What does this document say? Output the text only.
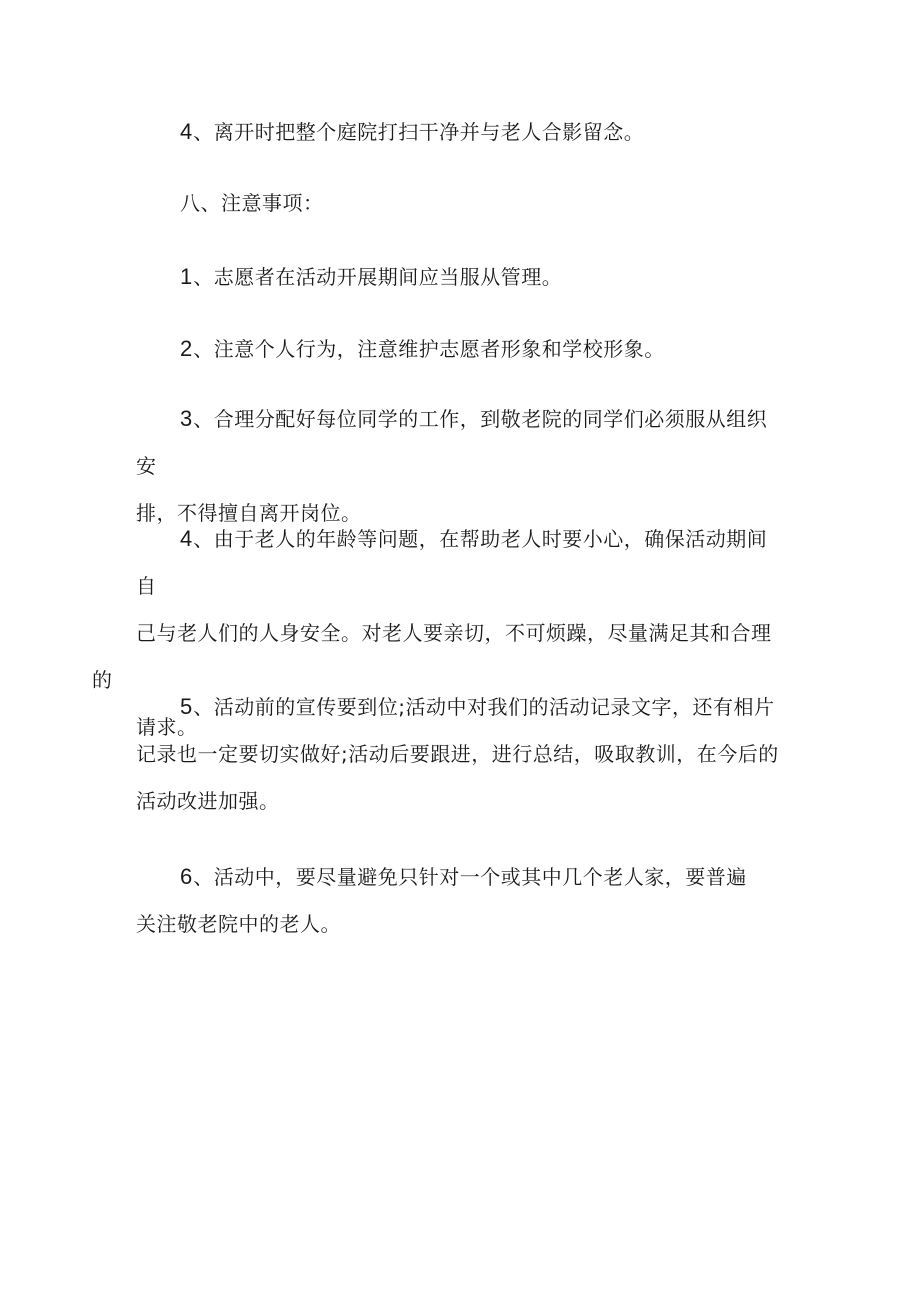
4、离开时把整个庭院打扫干净并与老人合影留念。
八、注意事项：
1、志愿者在活动开展期间应当服从管理。
2、注意个人行为，注意维护志愿者形象和学校形象。
3、合理分配好每位同学的工作，到敬老院的同学们必须服从组织安
排，不得擅自离开岗位。
4、由于老人的年龄等问题，在帮助老人时要小心，确保活动期间自
己与老人们的人身安全。对老人要亲切，不可烦躁，尽量满足其和合理的
请求。
5、活动前的宣传要到位;活动中对我们的活动记录文字，还有相片
记录也一定要切实做好;活动后要跟进，进行总结，吸取教训，在今后的
活动改进加强。
6、活动中，要尽量避免只针对一个或其中几个老人家，要普遍
关注敬老院中的老人。
